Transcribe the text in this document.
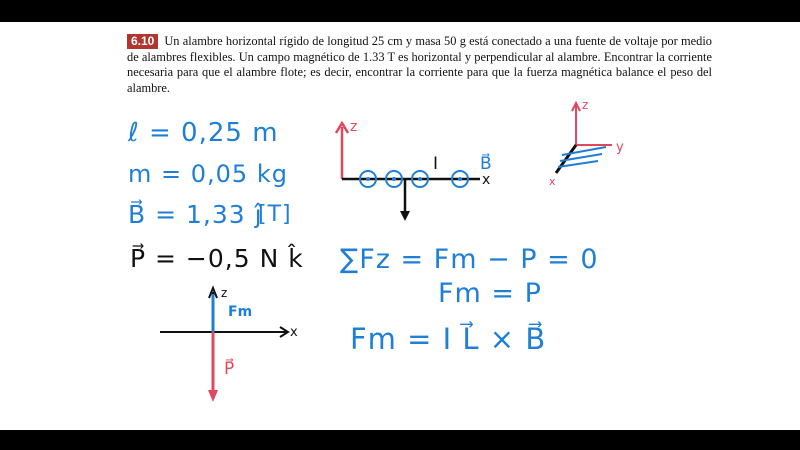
6.10 Un alambre horizontal rígido de longitud 25 cm y masa 50 g está conectado a una fuente de voltaje por medio de alambres flexibles. Un campo magnético de 1.33 T es horizontal y perpendicular al alambre. Encontrar la corriente necesaria para que el alambre flote; es decir, encontrar la corriente para que la fuerza magnética balance el peso del alambre.
ℓ = 0,25 m
m = 0,05 kg
B⃗ = 1,33 ĵ
[T]
P⃗ = −0,5 N k̂ ∑Fz = Fm − P = 0
Fm = P
Fm = I L⃗ × B⃗
z
x
I B⃗
z
y
x
x
z
Fm
P⃗
